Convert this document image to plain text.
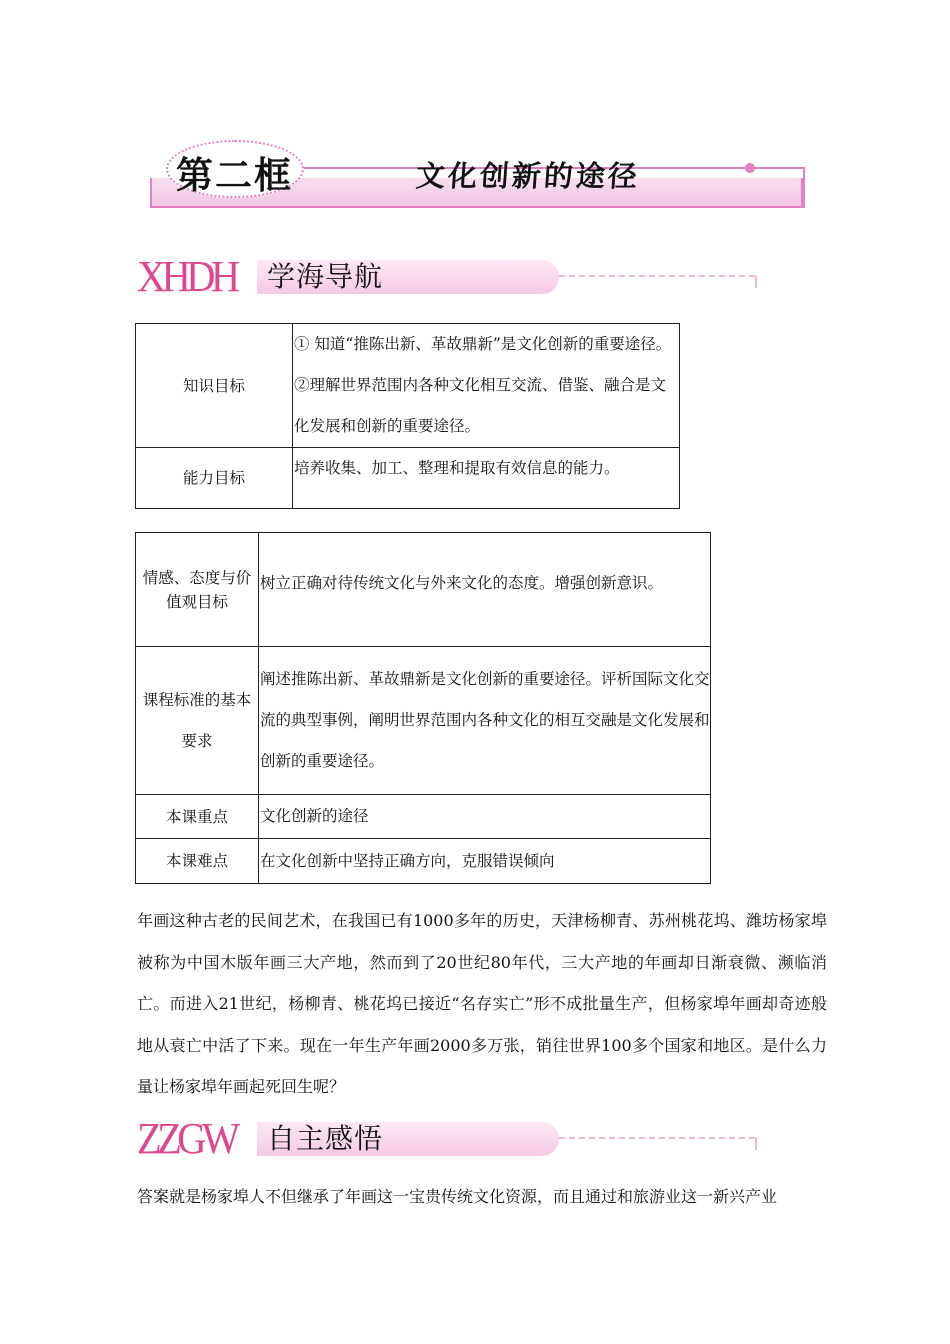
第二框	文化创新的途径
XHDH 学海导航
知识目标	① 知道“推陈出新、革故鼎新”是文化创新的重要途径。②理解世界范围内各种文化相互交流、借鉴、融合是文化发展和创新的重要途径。
能力目标	培养收集、加工、整理和提取有效信息的能力。
情感、态度与价值观目标	树立正确对待传统文化与外来文化的态度。增强创新意识。
课程标准的基本要求	阐述推陈出新、革故鼎新是文化创新的重要途径。评析国际文化交流的典型事例，阐明世界范围内各种文化的相互交融是文化发展和创新的重要途径。
本课重点	文化创新的途径
本课难点	在文化创新中坚持正确方向，克服错误倾向
年画这种古老的民间艺术，在我国已有1000多年的历史，天津杨柳青、苏州桃花坞、潍坊杨家埠被称为中国木版年画三大产地，然而到了20世纪80年代，三大产地的年画却日渐衰微、濒临消亡。而进入21世纪，杨柳青、桃花坞已接近“名存实亡”形不成批量生产，但杨家埠年画却奇迹般地从衰亡中活了下来。现在一年生产年画2000多万张，销往世界100多个国家和地区。是什么力量让杨家埠年画起死回生呢？
ZZGW 自主感悟
答案就是杨家埠人不但继承了年画这一宝贵传统文化资源，而且通过和旅游业这一新兴产业
